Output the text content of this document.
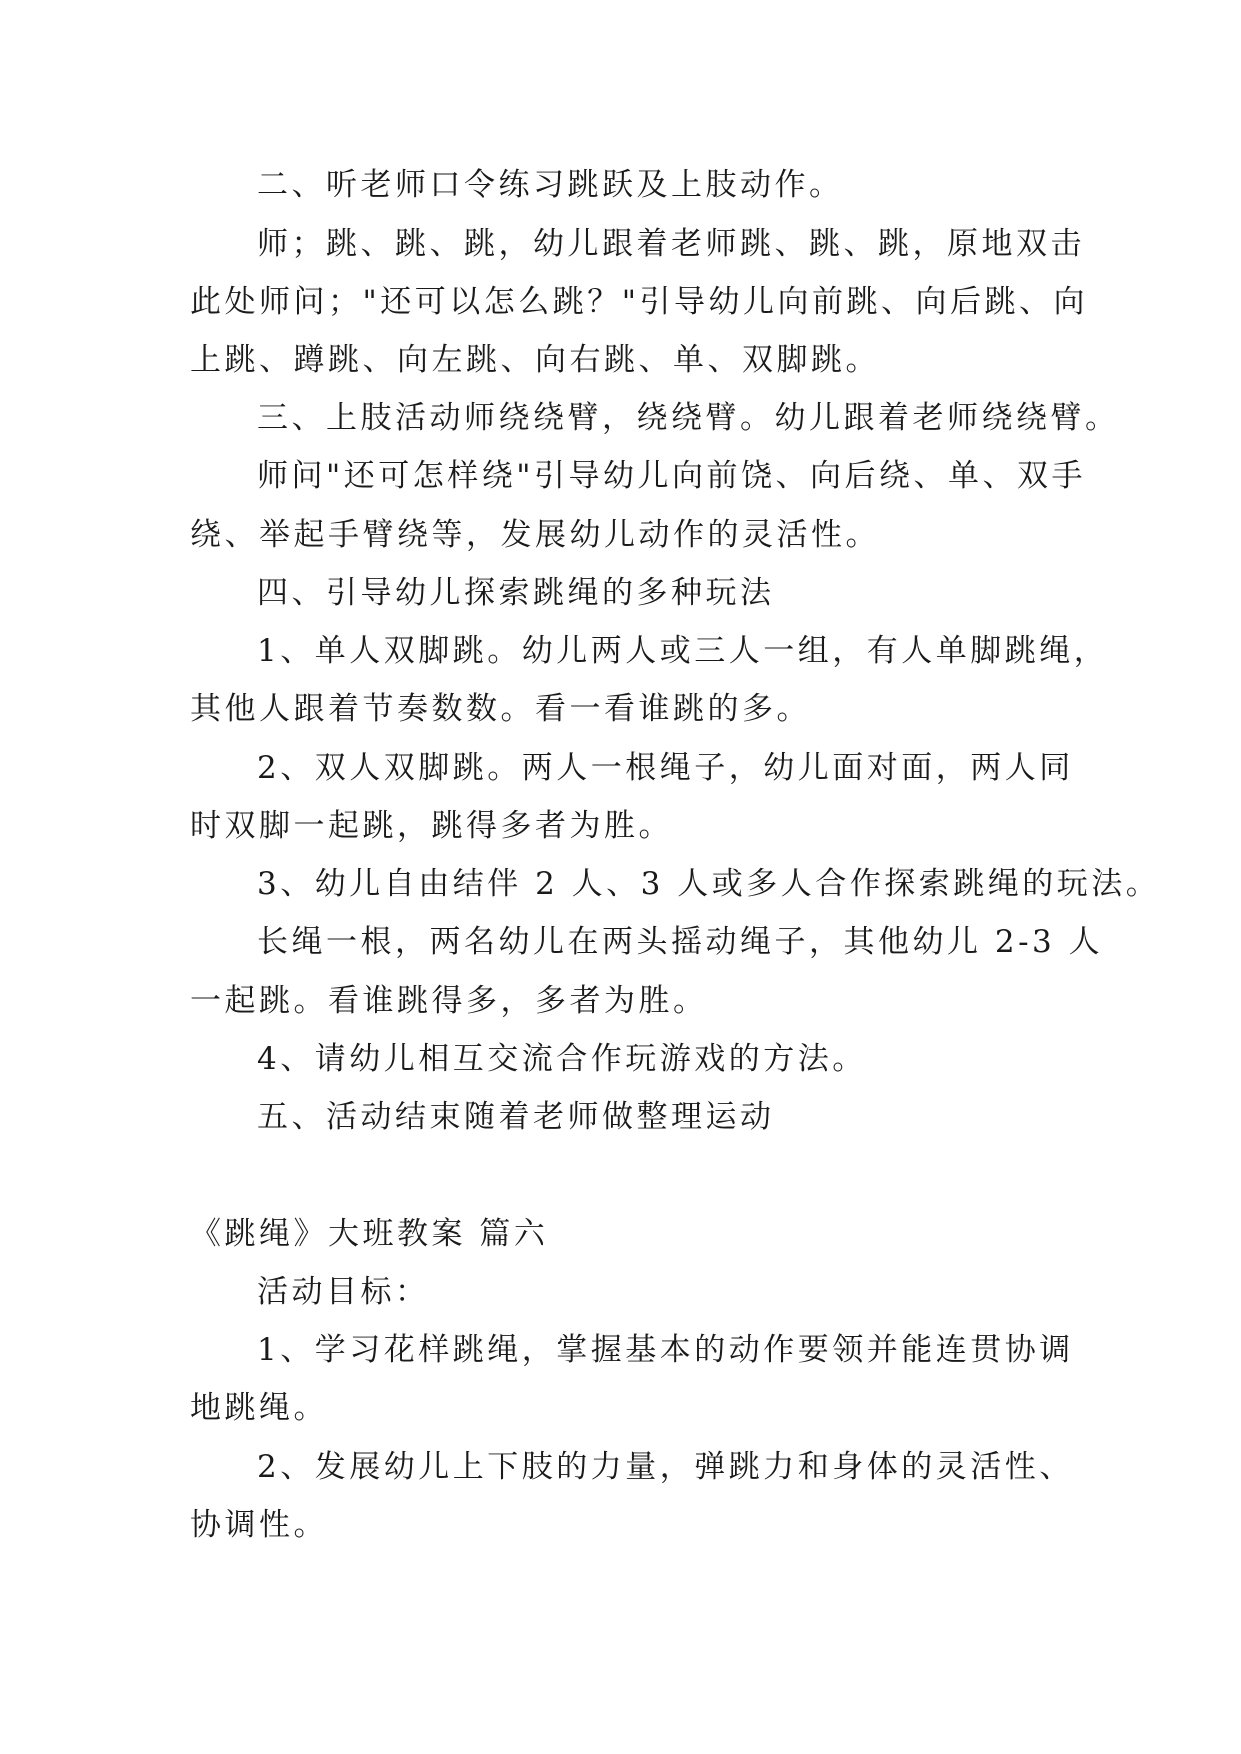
二、听老师口令练习跳跃及上肢动作。
师；跳、跳、跳，幼儿跟着老师跳、跳、跳，原地双击
此处师问；"还可以怎么跳？"引导幼儿向前跳、向后跳、向
上跳、蹲跳、向左跳、向右跳、单、双脚跳。
三、上肢活动师绕绕臂，绕绕臂。幼儿跟着老师绕绕臂。
师问"还可怎样绕"引导幼儿向前饶、向后绕、单、双手
绕、举起手臂绕等，发展幼儿动作的灵活性。
四、引导幼儿探索跳绳的多种玩法
1、单人双脚跳。幼儿两人或三人一组，有人单脚跳绳，
其他人跟着节奏数数。看一看谁跳的多。
2、双人双脚跳。两人一根绳子，幼儿面对面，两人同
时双脚一起跳，跳得多者为胜。
3、幼儿自由结伴 2 人、3 人或多人合作探索跳绳的玩法。
长绳一根，两名幼儿在两头摇动绳子，其他幼儿 2-3 人
一起跳。看谁跳得多，多者为胜。
4、请幼儿相互交流合作玩游戏的方法。
五、活动结束随着老师做整理运动
《跳绳》大班教案 篇六
活动目标：
1、学习花样跳绳，掌握基本的动作要领并能连贯协调
地跳绳。
2、发展幼儿上下肢的力量，弹跳力和身体的灵活性、
协调性。
